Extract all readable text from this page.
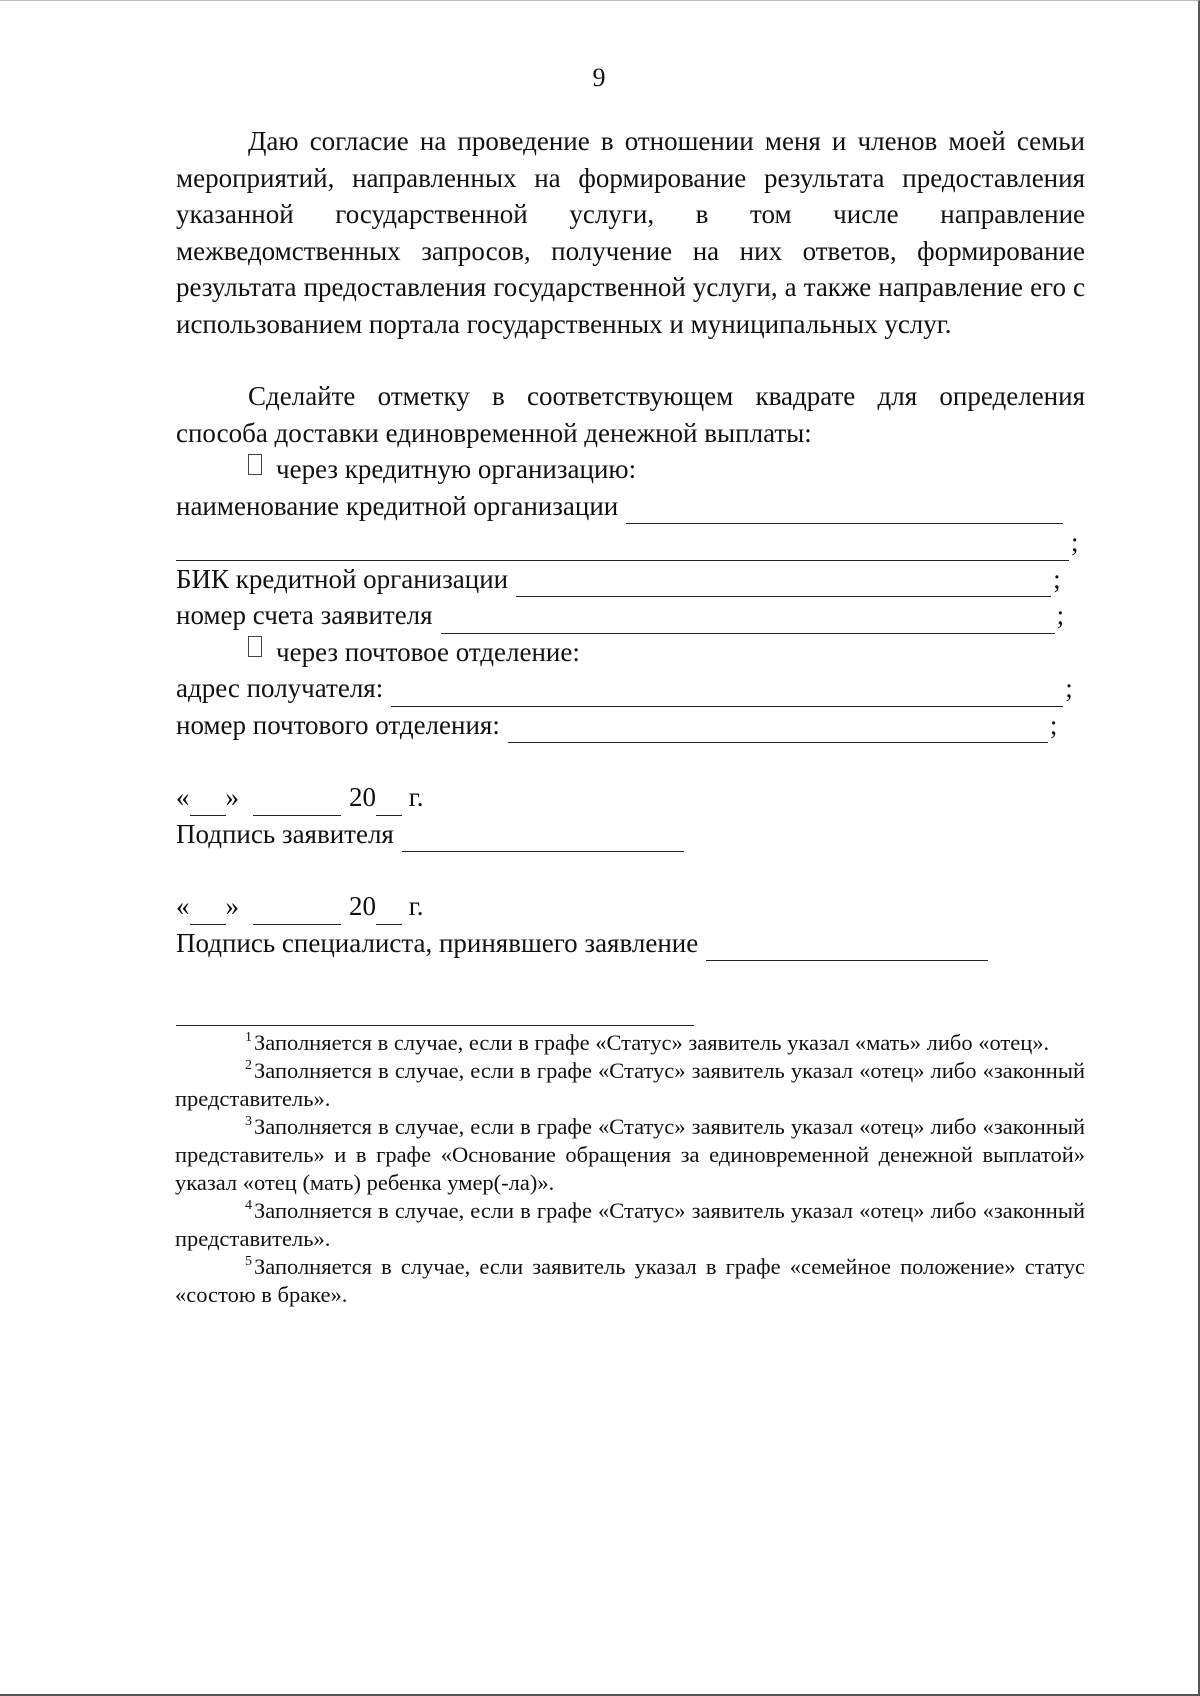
9

Даю согласие на проведение в отношении меня и членов моей семьи мероприятий, направленных на формирование результата предоставления указанной государственной услуги, в том числе направление межведомственных запросов, получение на них ответов, формирование результата предоставления государственной услуги, а также направление его с использованием портала государственных и муниципальных услуг.

Сделайте отметку в соответствующем квадрате для определения способа доставки единовременной денежной выплаты:

через кредитную организацию:
наименование кредитной организации
;
БИК кредитной организации	;
номер счета заявителя	;
через почтовое отделение:
адрес получателя:	;
номер почтового отделения:	;
« »	20 г.
Подпись заявителя
« »	20 г.
Подпись специалиста, принявшего заявление

$^1$Заполняется в случае, если в графе «Статус» заявитель указал «мать» либо «отец».

$^2$Заполняется в случае, если в графе «Статус» заявитель указал «отец» либо «законный представитель».

$^3$Заполняется в случае, если в графе «Статус» заявитель указал «отец» либо «законный представитель» и в графе «Основание обращения за единовременной денежной выплатой» указал «отец (мать) ребенка умер(-ла)».

$^4$Заполняется в случае, если в графе «Статус» заявитель указал «отец» либо «законный представитель».

$^5$Заполняется в случае, если заявитель указал в графе «семейное положение» статус «состою в браке».
